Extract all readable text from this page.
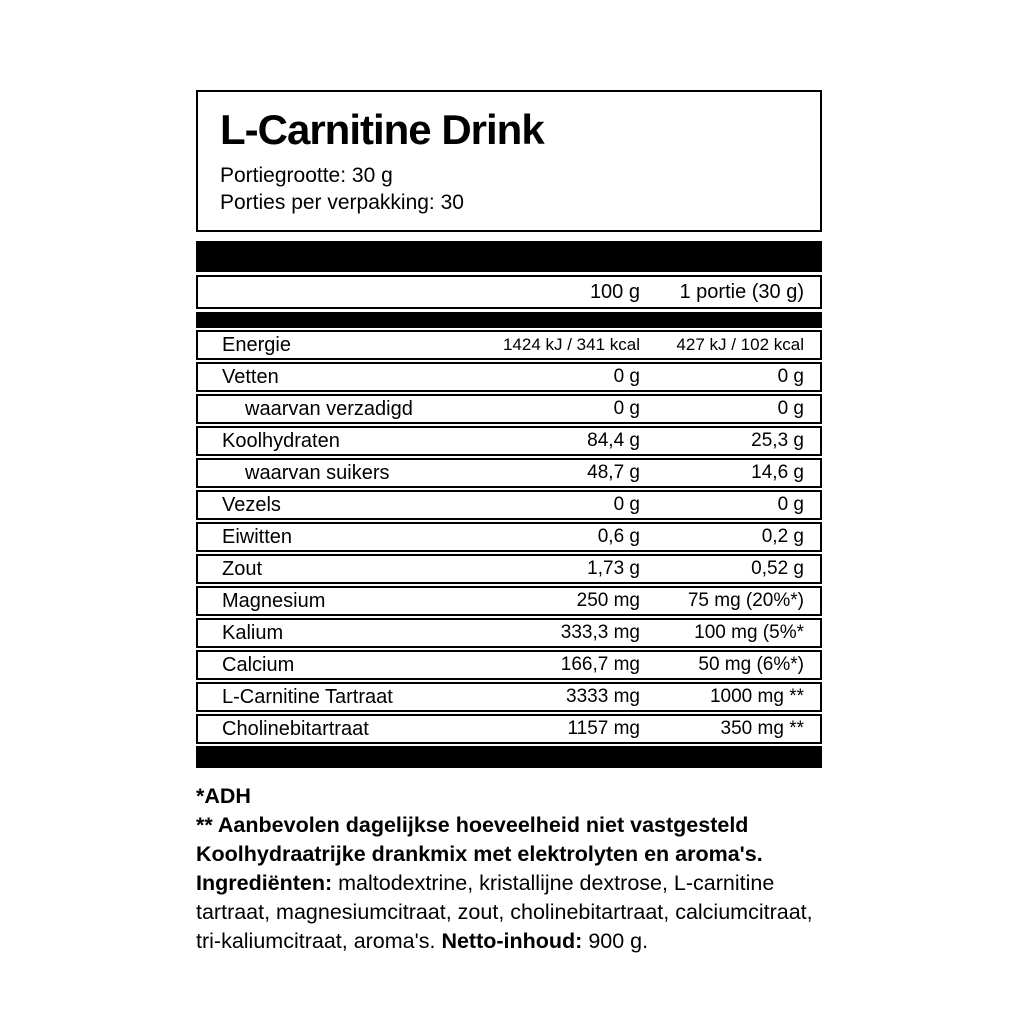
L-Carnitine Drink
Portiegrootte: 30 g
Porties per verpakking: 30
100 g	1 portie (30 g)
Energie	1424 kJ / 341 kcal	427 kJ / 102 kcal
Vetten	0 g	0 g
waarvan verzadigd	0 g	0 g
Koolhydraten	84,4 g	25,3 g
waarvan suikers	48,7 g	14,6 g
Vezels	0 g	0 g
Eiwitten	0,6 g	0,2 g
Zout	1,73 g	0,52 g
Magnesium	250 mg	75 mg (20%*)
Kalium	333,3 mg	100 mg (5%*
Calcium	166,7 mg	50 mg (6%*)
L-Carnitine Tartraat	3333 mg	1000 mg **
Cholinebitartraat	1157 mg	350 mg **
*ADH
** Aanbevolen dagelijkse hoeveelheid niet vastgesteld
Koolhydraatrijke drankmix met elektrolyten en aroma's.
Ingrediënten: maltodextrine, kristallijne dextrose, L-carnitine tartraat, magnesiumcitraat, zout, cholinebitartraat, calciumcitraat, tri-kaliumcitraat, aroma's. Netto-inhoud: 900 g.
